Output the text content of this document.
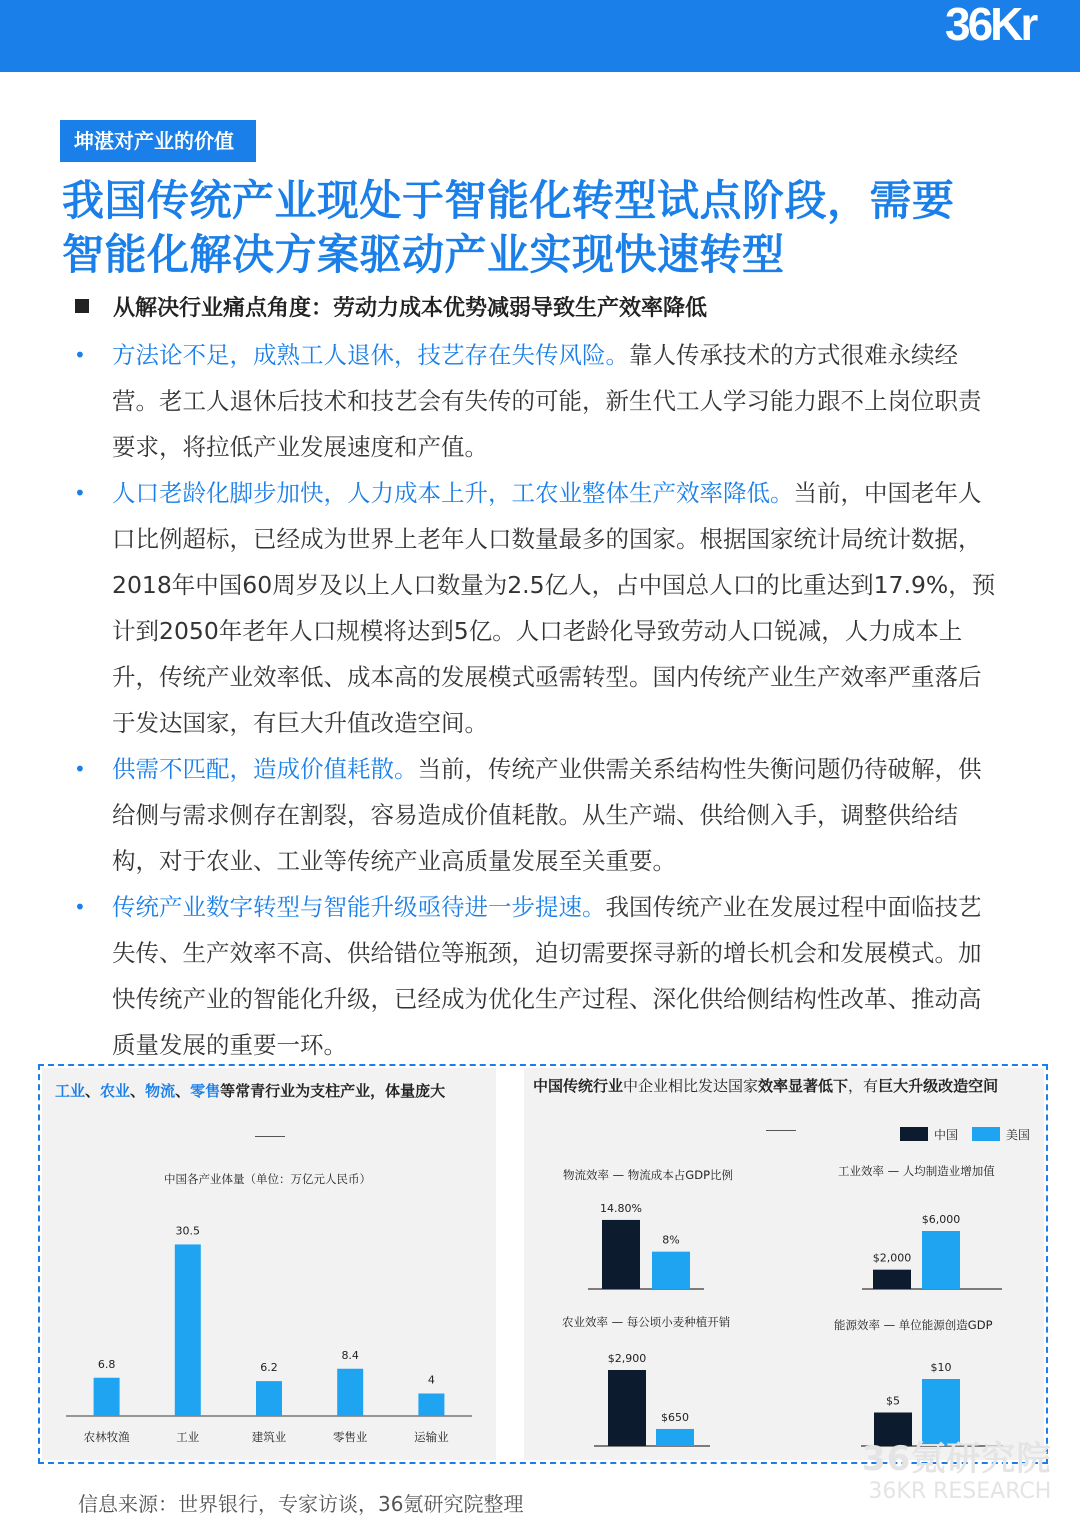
36Kr
坤湛对产业的价值
我国传统产业现处于智能化转型试点阶段，需要
智能化解决方案驱动产业实现快速转型
从解决行业痛点角度：劳动力成本优势减弱导致生产效率降低
• 方法论不足，成熟工人退休，技艺存在失传风险。靠人传承技术的方式很难永续经营。老工人退休后技术和技艺会有失传的可能，新生代工人学习能力跟不上岗位职责要求，将拉低产业发展速度和产值。
• 人口老龄化脚步加快，人力成本上升，工农业整体生产效率降低。当前，中国老年人口比例超标，已经成为世界上老年人口数量最多的国家。根据国家统计局统计数据，2018年中国60周岁及以上人口数量为2.5亿人，占中国总人口的比重达到17.9%，预计到2050年老年人口规模将达到5亿。人口老龄化导致劳动人口锐减，人力成本上升，传统产业效率低、成本高的发展模式亟需转型。国内传统产业生产效率严重落后于发达国家，有巨大升值改造空间。
• 供需不匹配，造成价值耗散。当前，传统产业供需关系结构性失衡问题仍待破解，供给侧与需求侧存在割裂，容易造成价值耗散。从生产端、供给侧入手，调整供给结构，对于农业、工业等传统产业高质量发展至关重要。
• 传统产业数字转型与智能升级亟待进一步提速。我国传统产业在发展过程中面临技艺失传、生产效率不高、供给错位等瓶颈，迫切需要探寻新的增长机会和发展模式。加快传统产业的智能化升级，已经成为优化生产过程、深化供给侧结构性改革、推动高质量发展的重要一环。
工业、农业、物流、零售等常青行业为支柱产业，体量庞大	中国传统行业中企业相比发达国家效率显著低下，有巨大升级改造空间
中国各产业体量（单位：万亿元人民币）
中国	美国
6.8
农林牧渔
30.5
工业
6.2
建筑业
8.4
零售业
4
运输业
物流效率 — 物流成本占GDP比例
14.80%
8%
工业效率 — 人均制造业增加值
$2,000
$6,000
农业效率 — 每公顷小麦种植开销
$2,900
$650
能源效率 — 单位能源创造GDP
$5
$10
信息来源：世界银行，专家访谈，36氪研究院整理
36氪研究院
36KR RESEARCH
